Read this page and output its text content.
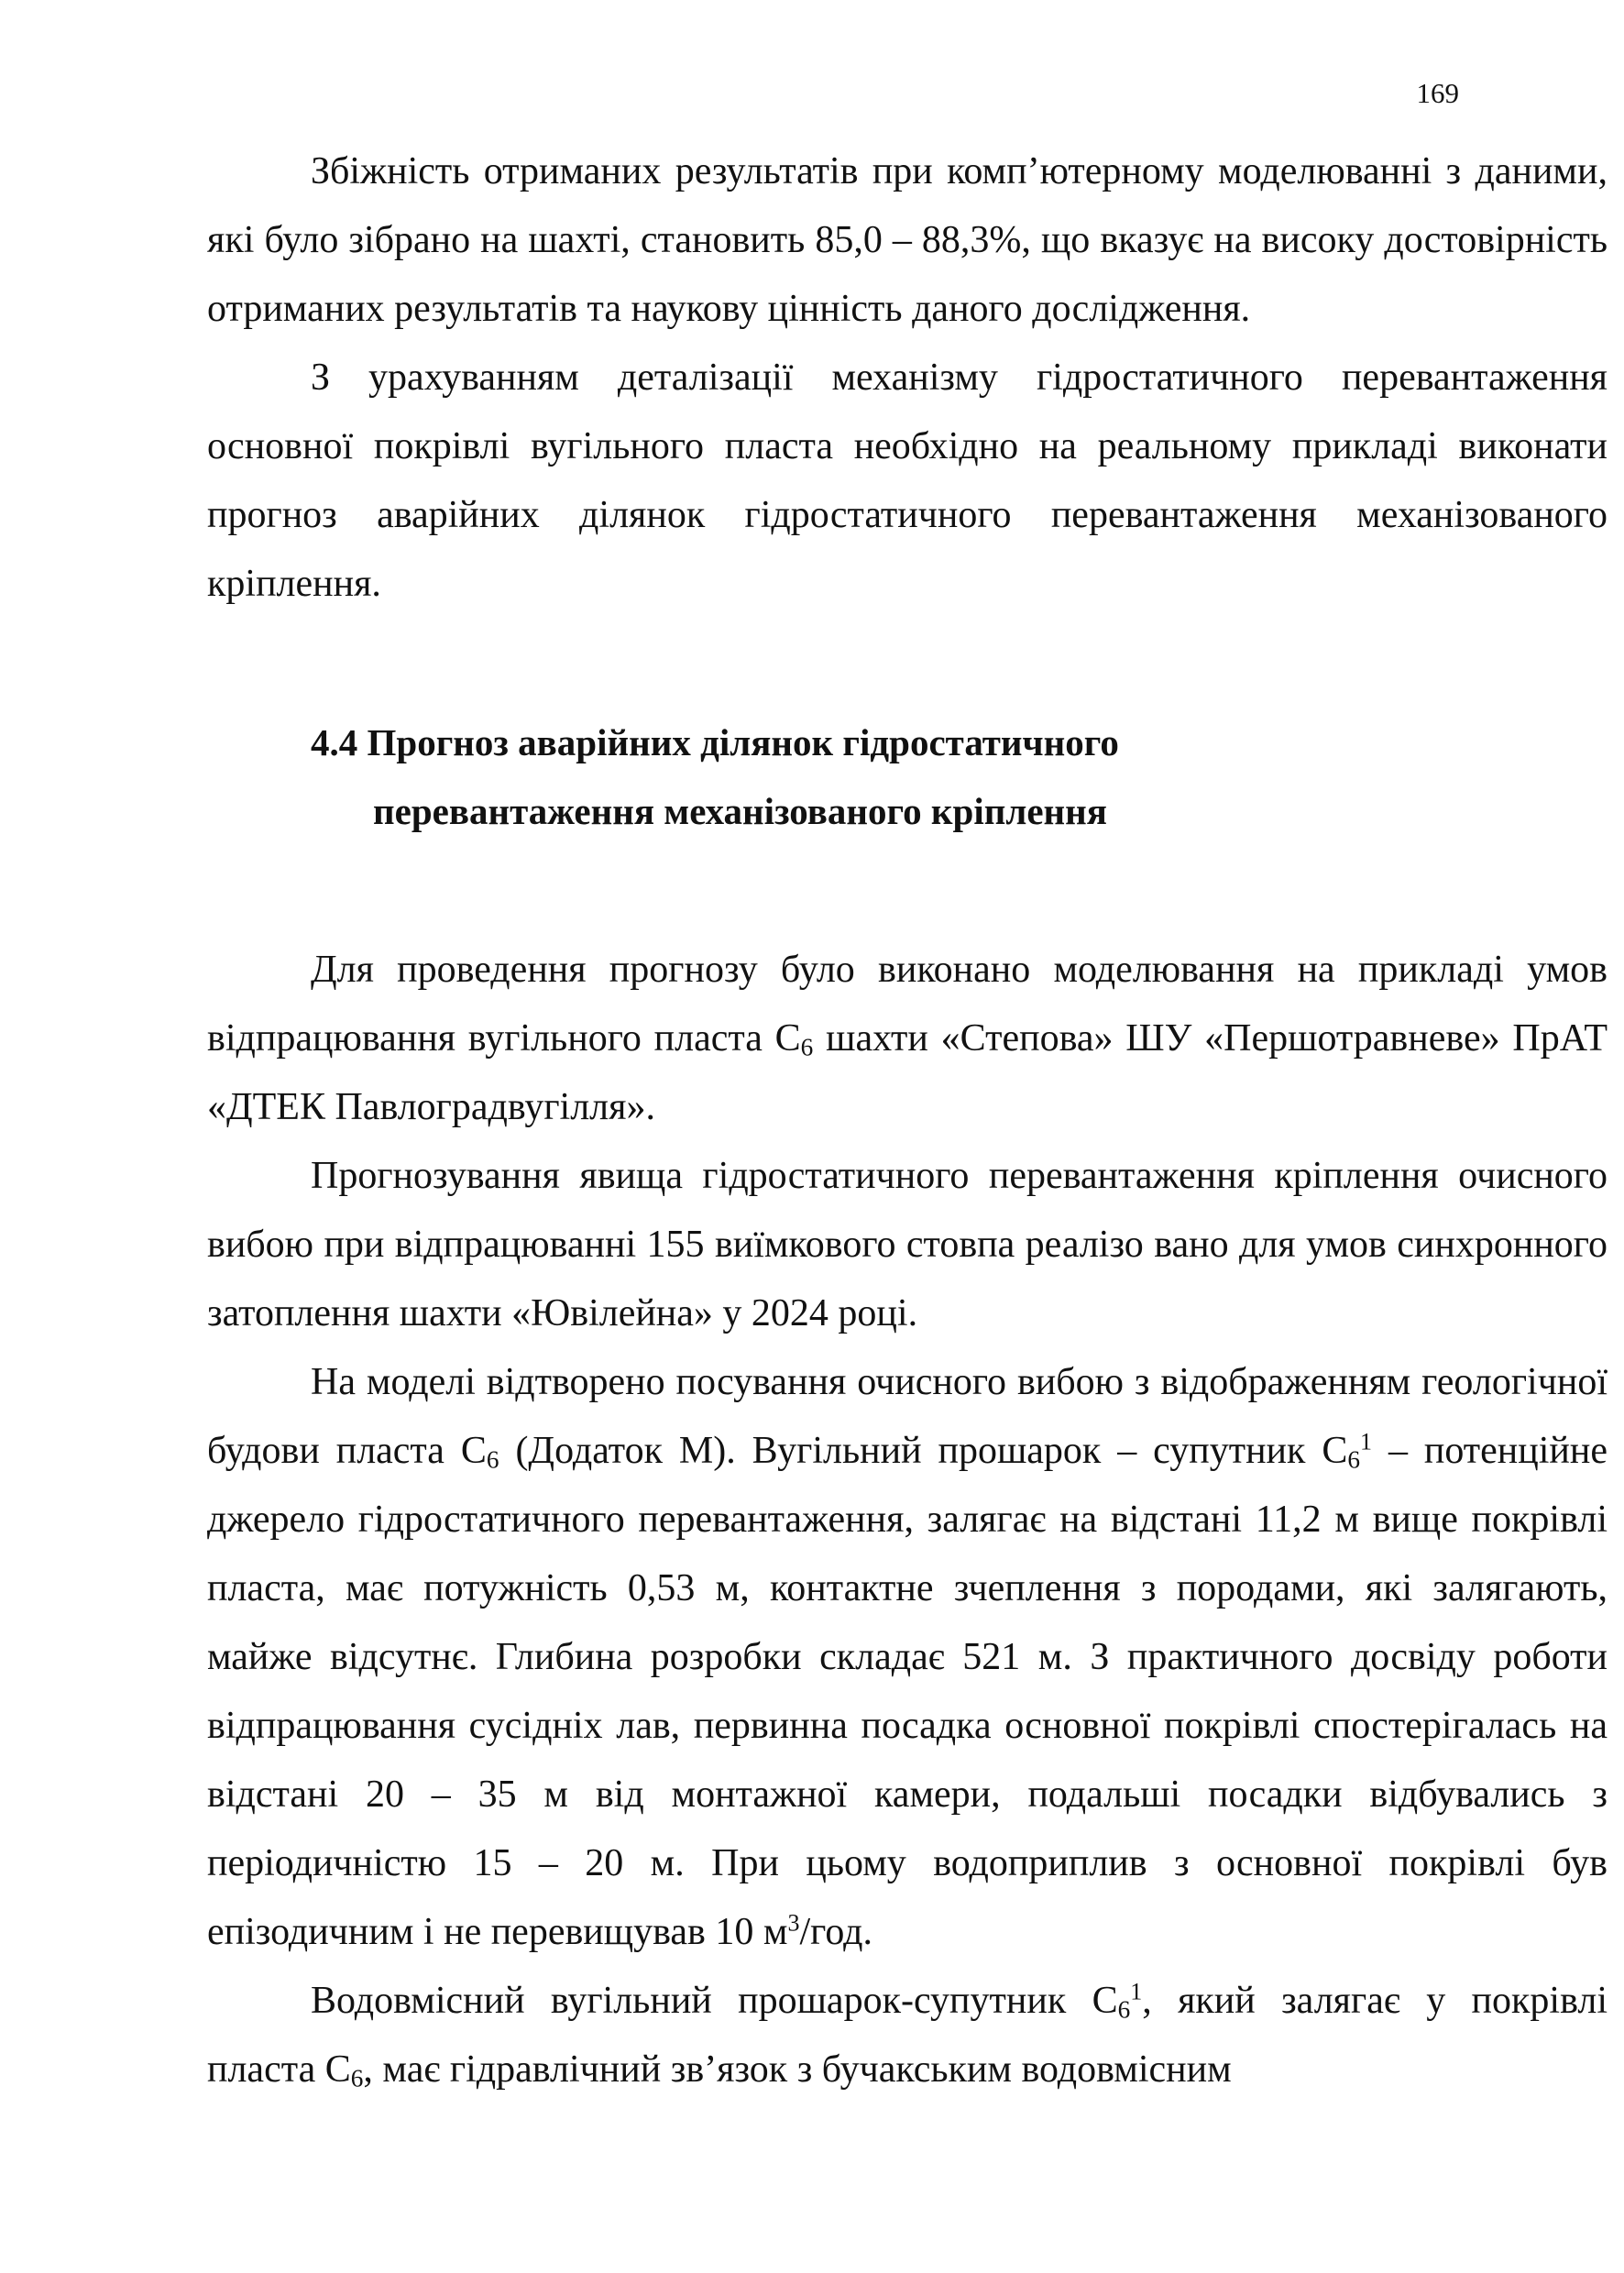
169

Збіжність отриманих результатів при комп’ютерному моделюванні з даними, які було зібрано на шахті, становить 85,0 – 88,3%, що вказує на високу достовірність отриманих результатів та наукову цінність даного дослідження.

З урахуванням деталізації механізму гідростатичного перевантаження основної покрівлі вугільного пласта необхідно на реальному прикладі виконати прогноз аварійних ділянок гідростатичного перевантаження механізованого кріплення.

4.4 Прогноз аварійних ділянок гідростатичного
перевантаження механізованого кріплення

Для проведення прогнозу було виконано моделювання на прикладі умов відпрацювання вугільного пласта $С_6$ шахти «Степова» ШУ «Першотравневе» ПрАТ «ДТЕК Павлоградвугілля».

Прогнозування явища гідростатичного перевантаження кріплення очисного вибою при відпрацюванні 155 виїмкового стовпа реалізо вано для умов синхронного затоплення шахти «Ювілейна» у 2024 році.

На моделі відтворено посування очисного вибою з відображенням геологічної будови пласта $С_6$ (Додаток М). Вугільний прошарок – супутник $С_6^1$ – потенційне джерело гідростатичного перевантаження, залягає на відстані 11,2 м вище покрівлі пласта, має потужність 0,53 м, контактне зчеплення з породами, які залягають, майже відсутнє. Глибина розробки складає 521 м. З практичного досвіду роботи відпрацювання сусідніх лав, первинна посадка основної покрівлі спостерігалась на відстані 20 – 35 м від монтажної камери, подальші посадки відбувались з періодичністю 15 – 20 м. При цьому водоприплив з основної покрівлі був епізодичним і не перевищував 10 $м^3$/год.

Водовмісний вугільний прошарок-супутник $С_6^1$, який залягає у покрівлі пласта $С_6$, має гідравлічний зв’язок з бучакським водовмісним
